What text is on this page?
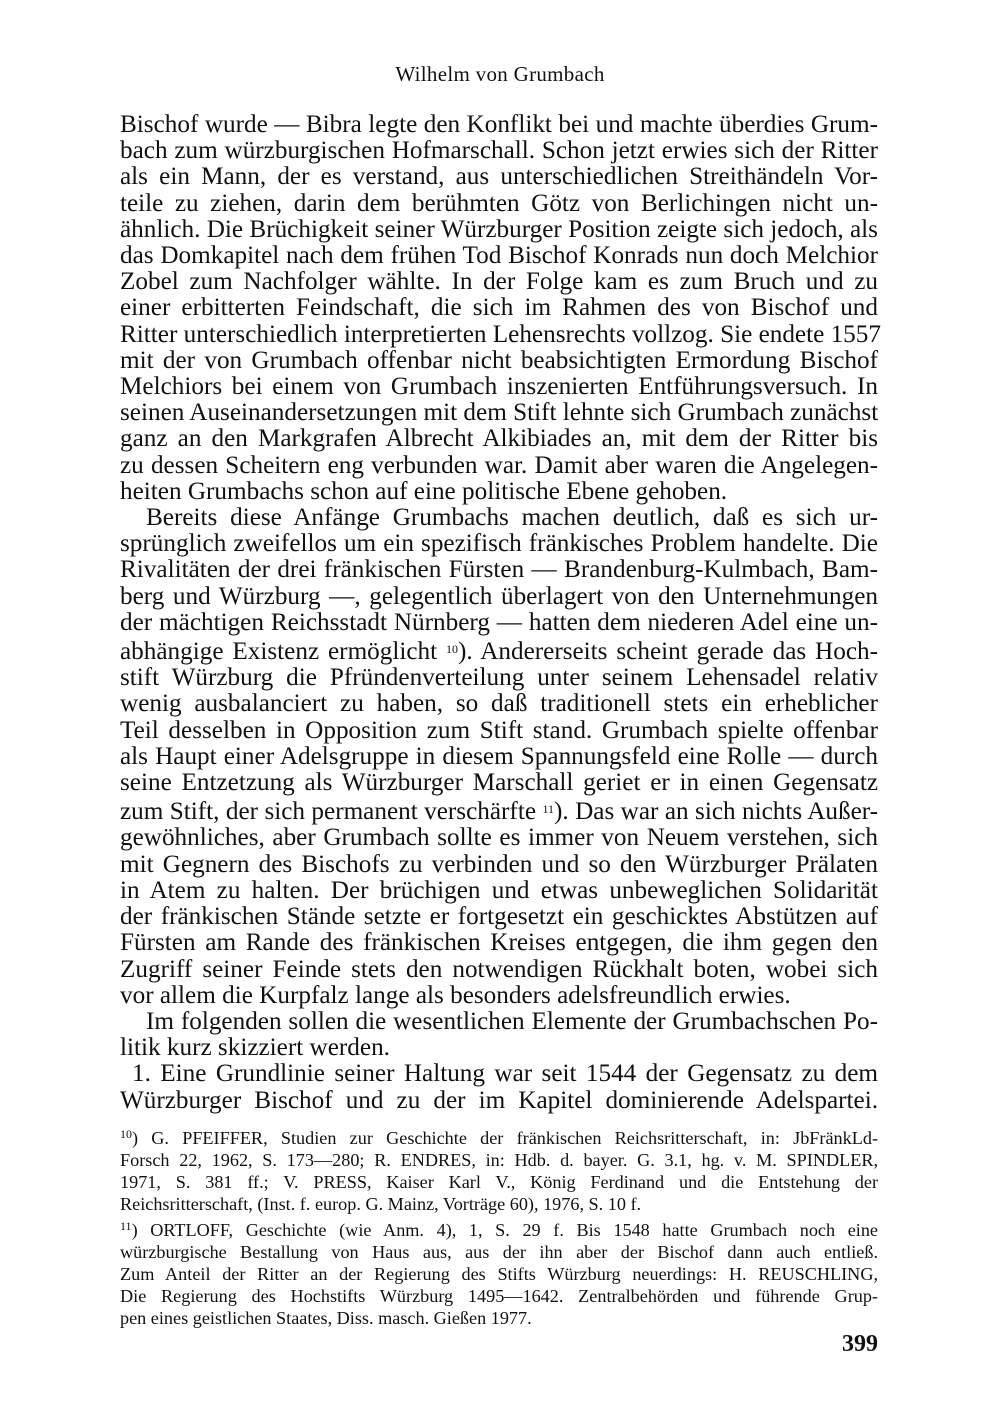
Wilhelm von Grumbach
Bischof wurde — Bibra legte den Konflikt bei und machte überdies Grum-
bach zum würzburgischen Hofmarschall. Schon jetzt erwies sich der Ritter
als ein Mann, der es verstand, aus unterschiedlichen Streithändeln Vor-
teile zu ziehen, darin dem berühmten Götz von Berlichingen nicht un-
ähnlich. Die Brüchigkeit seiner Würzburger Position zeigte sich jedoch, als
das Domkapitel nach dem frühen Tod Bischof Konrads nun doch Melchior
Zobel zum Nachfolger wählte. In der Folge kam es zum Bruch und zu
einer erbitterten Feindschaft, die sich im Rahmen des von Bischof und
Ritter unterschiedlich interpretierten Lehensrechts vollzog. Sie endete 1557
mit der von Grumbach offenbar nicht beabsichtigten Ermordung Bischof
Melchiors bei einem von Grumbach inszenierten Entführungsversuch. In
seinen Auseinandersetzungen mit dem Stift lehnte sich Grumbach zunächst
ganz an den Markgrafen Albrecht Alkibiades an, mit dem der Ritter bis
zu dessen Scheitern eng verbunden war. Damit aber waren die Angelegen-
heiten Grumbachs schon auf eine politische Ebene gehoben.
Bereits diese Anfänge Grumbachs machen deutlich, daß es sich ur-
sprünglich zweifellos um ein spezifisch fränkisches Problem handelte. Die
Rivalitäten der drei fränkischen Fürsten — Brandenburg-Kulmbach, Bam-
berg und Würzburg —, gelegentlich überlagert von den Unternehmungen
der mächtigen Reichsstadt Nürnberg — hatten dem niederen Adel eine un-
abhängige Existenz ermöglicht $^{10}$). Andererseits scheint gerade das Hoch-
stift Würzburg die Pfründenverteilung unter seinem Lehensadel relativ
wenig ausbalanciert zu haben, so daß traditionell stets ein erheblicher
Teil desselben in Opposition zum Stift stand. Grumbach spielte offenbar
als Haupt einer Adelsgruppe in diesem Spannungsfeld eine Rolle — durch
seine Entzetzung als Würzburger Marschall geriet er in einen Gegensatz
zum Stift, der sich permanent verschärfte $^{11}$). Das war an sich nichts Außer-
gewöhnliches, aber Grumbach sollte es immer von Neuem verstehen, sich
mit Gegnern des Bischofs zu verbinden und so den Würzburger Prälaten
in Atem zu halten. Der brüchigen und etwas unbeweglichen Solidarität
der fränkischen Stände setzte er fortgesetzt ein geschicktes Abstützen auf
Fürsten am Rande des fränkischen Kreises entgegen, die ihm gegen den
Zugriff seiner Feinde stets den notwendigen Rückhalt boten, wobei sich
vor allem die Kurpfalz lange als besonders adelsfreundlich erwies.
Im folgenden sollen die wesentlichen Elemente der Grumbachschen Po-
litik kurz skizziert werden.
1. Eine Grundlinie seiner Haltung war seit 1544 der Gegensatz zu dem
Würzburger Bischof und zu der im Kapitel dominierende Adelspartei.
$^{10}$) G. PFEIFFER, Studien zur Geschichte der fränkischen Reichsritterschaft, in: JbFränkLd-
Forsch 22, 1962, S. 173—280; R. ENDRES, in: Hdb. d. bayer. G. 3.1, hg. v. M. SPINDLER,
1971, S. 381 ff.; V. PRESS, Kaiser Karl V., König Ferdinand und die Entstehung der
Reichsritterschaft, (Inst. f. europ. G. Mainz, Vorträge 60), 1976, S. 10 f.
$^{11}$) ORTLOFF, Geschichte (wie Anm. 4), 1, S. 29 f. Bis 1548 hatte Grumbach noch eine
würzburgische Bestallung von Haus aus, aus der ihn aber der Bischof dann auch entließ.
Zum Anteil der Ritter an der Regierung des Stifts Würzburg neuerdings: H. REUSCHLING,
Die Regierung des Hochstifts Würzburg 1495—1642. Zentralbehörden und führende Grup-
pen eines geistlichen Staates, Diss. masch. Gießen 1977.
399
